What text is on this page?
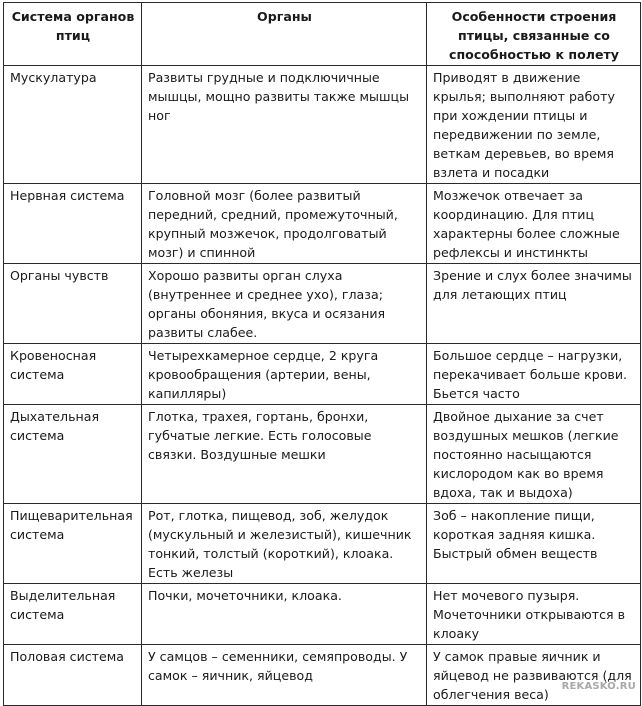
Система органов птиц	Органы	Особенности строения птицы, связанные со способностью к полету
Мускулатура	Развиты грудные и подключичные мышцы, мощно развиты также мышцы ног	Приводят в движение крылья; выполняют работу при хождении птицы и передвижении по земле, веткам деревьев, во время взлета и посадки
Нервная система	Головной мозг (более развитый передний, средний, промежуточный, крупный мозжечок, продолговатый мозг) и спинной	Мозжечок отвечает за координацию. Для птиц характерны более сложные рефлексы и инстинкты
Органы чувств	Хорошо развиты орган слуха (внутреннее и среднее ухо), глаза; органы обоняния, вкуса и осязания развиты слабее.	Зрение и слух более значимы для летающих птиц
Кровеносная система	Четырехкамерное сердце, 2 круга кровообращения (артерии, вены, капилляры)	Большое сердце – нагрузки, перекачивает больше крови. Бьется часто
Дыхательная система	Глотка, трахея, гортань, бронхи, губчатые легкие. Есть голосовые связки. Воздушные мешки	Двойное дыхание за счет воздушных мешков (легкие постоянно насыщаются кислородом как во время вдоха, так и выдоха)
Пищеварительная система	Рот, глотка, пищевод, зоб, желудок (мускульный и железистый), кишечник тонкий, толстый (короткий), клоака. Есть железы	Зоб – накопление пищи, короткая задняя кишка. Быстрый обмен веществ
Выделительная система	Почки, мочеточники, клоака.	Нет мочевого пузыря. Мочеточники открываются в клоаку
Половая система	У самцов – семенники, семяпроводы. У самок – яичник, яйцевод	У самок правые яичник и яйцевод не развиваются (для облегчения веса)
REKASKO.RU
